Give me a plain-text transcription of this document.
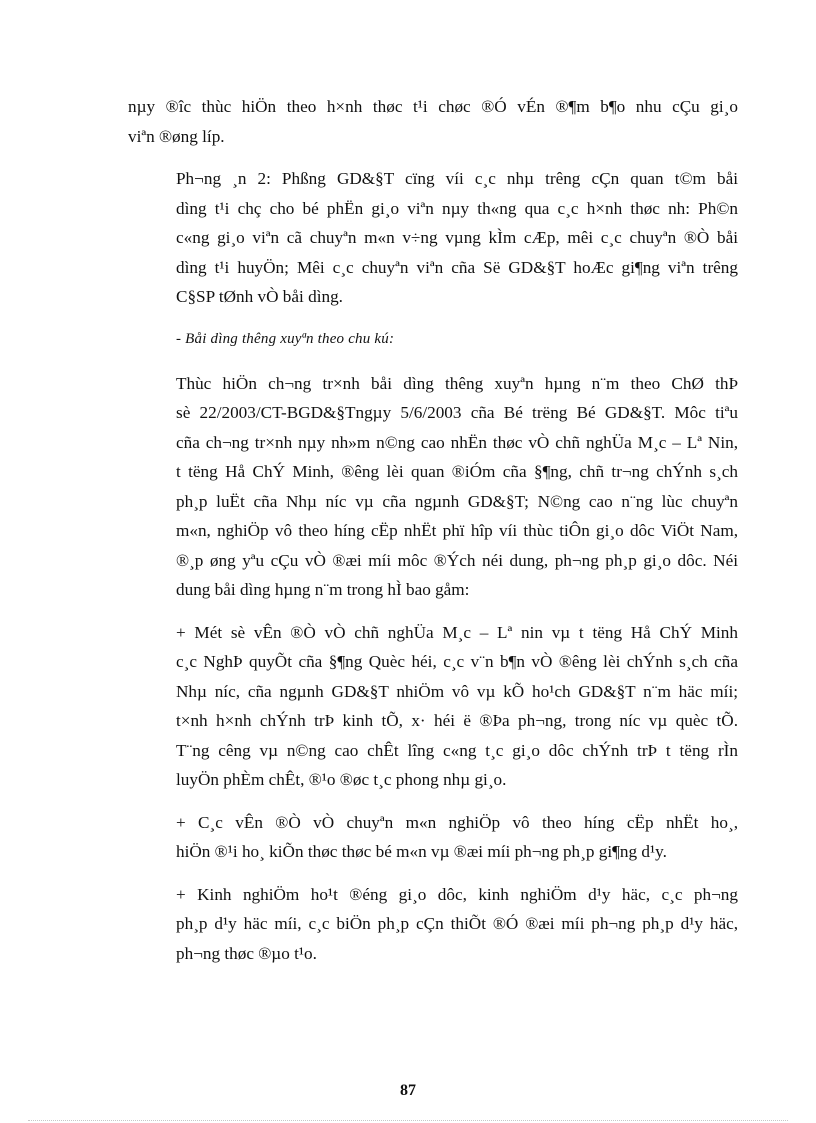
nµy ®îc thùc hiÖn theo h×nh thøc t¹i chøc ®Ó vÉn ®¶m b¶o nhu cÇu gi¸o
viªn ®øng líp.
Ph¬ng ¸n 2: Phßng GD&§T cïng víi c¸c nhµ trêng cÇn quan t©m båi
dìng t¹i chç cho bé phËn gi¸o viªn nµy th«ng qua c¸c h×nh thøc nh: Ph©n
c«ng gi¸o viªn cã chuyªn m«n v÷ng vµng kÌm cÆp, mêi c¸c chuyªn ®Ò båi
dìng t¹i huyÖn; Mêi c¸c chuyªn viªn cña Së GD&§T hoÆc gi¶ng viªn trêng
C§SP tØnh vÒ båi dìng.
- Båi dìng thêng xuyªn theo chu kú:
Thùc hiÖn ch¬ng tr×nh båi dìng thêng xuyªn hµng n¨m theo ChØ thÞ
sè 22/2003/CT-BGD&§Tngµy 5/6/2003 cña Bé trëng Bé GD&§T. Môc tiªu
cña ch¬ng tr×nh nµy nh»m n©ng cao nhËn thøc vÒ chñ nghÜa M¸c – Lª Nin,
t tëng Hå ChÝ Minh, ®êng lèi quan ®iÓm cña §¶ng, chñ tr¬ng chÝnh s¸ch
ph¸p luËt cña Nhµ níc vµ cña ngµnh GD&§T; N©ng cao n¨ng lùc chuyªn
m«n, nghiÖp vô theo híng cËp nhËt phï hîp víi thùc tiÔn gi¸o dôc ViÖt Nam,
®¸p øng yªu cÇu vÒ ®æi míi môc ®Ých néi dung, ph¬ng ph¸p gi¸o dôc. Néi
dung båi dìng hµng n¨m trong hÌ bao gåm:
+ Mét sè vÊn ®Ò vÒ chñ nghÜa M¸c – Lª nin vµ t tëng Hå ChÝ Minh
c¸c NghÞ quyÕt cña §¶ng Quèc héi, c¸c v¨n b¶n vÒ ®êng lèi chÝnh s¸ch cña
Nhµ níc, cña ngµnh GD&§T nhiÖm vô vµ kÕ ho¹ch GD&§T n¨m häc míi;
t×nh h×nh chÝnh trÞ kinh tÕ, x· héi ë ®Þa ph¬ng, trong níc vµ quèc tÕ.
T¨ng cêng vµ n©ng cao chÊt lîng c«ng t¸c gi¸o dôc chÝnh trÞ t tëng rÌn
luyÖn phÈm chÊt, ®¹o ®øc t¸c phong nhµ gi¸o.
+ C¸c vÊn ®Ò vÒ chuyªn m«n nghiÖp vô theo híng cËp nhËt ho¸,
hiÖn ®¹i ho¸ kiÕn thøc thøc bé m«n vµ ®æi míi ph¬ng ph¸p gi¶ng d¹y.
+ Kinh nghiÖm ho¹t ®éng gi¸o dôc, kinh nghiÖm d¹y häc, c¸c ph¬ng
ph¸p d¹y häc míi, c¸c biÖn ph¸p cÇn thiÕt ®Ó ®æi míi ph¬ng ph¸p d¹y häc,
ph¬ng thøc ®µo t¹o.
87
